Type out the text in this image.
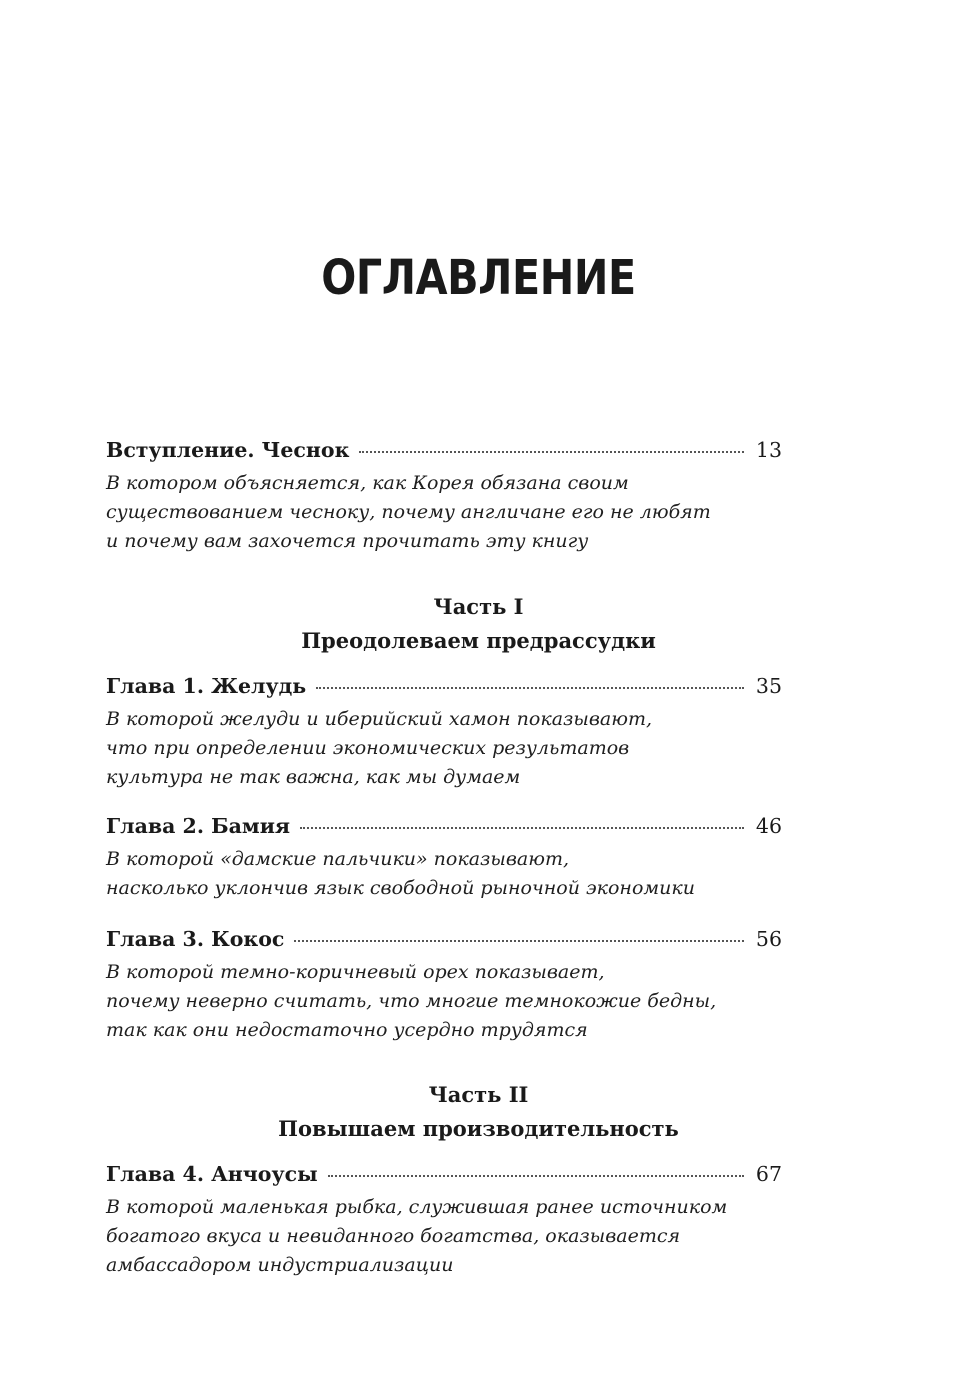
ОГЛАВЛЕНИЕ
Вступление. Чеснок	13
В котором объясняется, как Корея обязана своим
существованием чесноку, почему англичане его не любят
и почему вам захочется прочитать эту книгу
Часть I
Преодолеваем предрассудки
Глава 1. Желудь	35
В которой желуди и иберийский хамон показывают,
что при определении экономических результатов
культура не так важна, как мы думаем
Глава 2. Бамия	46
В которой «дамские пальчики» показывают,
насколько уклончив язык свободной рыночной экономики
Глава 3. Кокос	56
В которой темно-коричневый орех показывает,
почему неверно считать, что многие темнокожие бедны,
так как они недостаточно усердно трудятся
Часть II
Повышаем производительность
Глава 4. Анчоусы	67
В которой маленькая рыбка, служившая ранее источником
богатого вкуса и невиданного богатства, оказывается
амбассадором индустриализации
